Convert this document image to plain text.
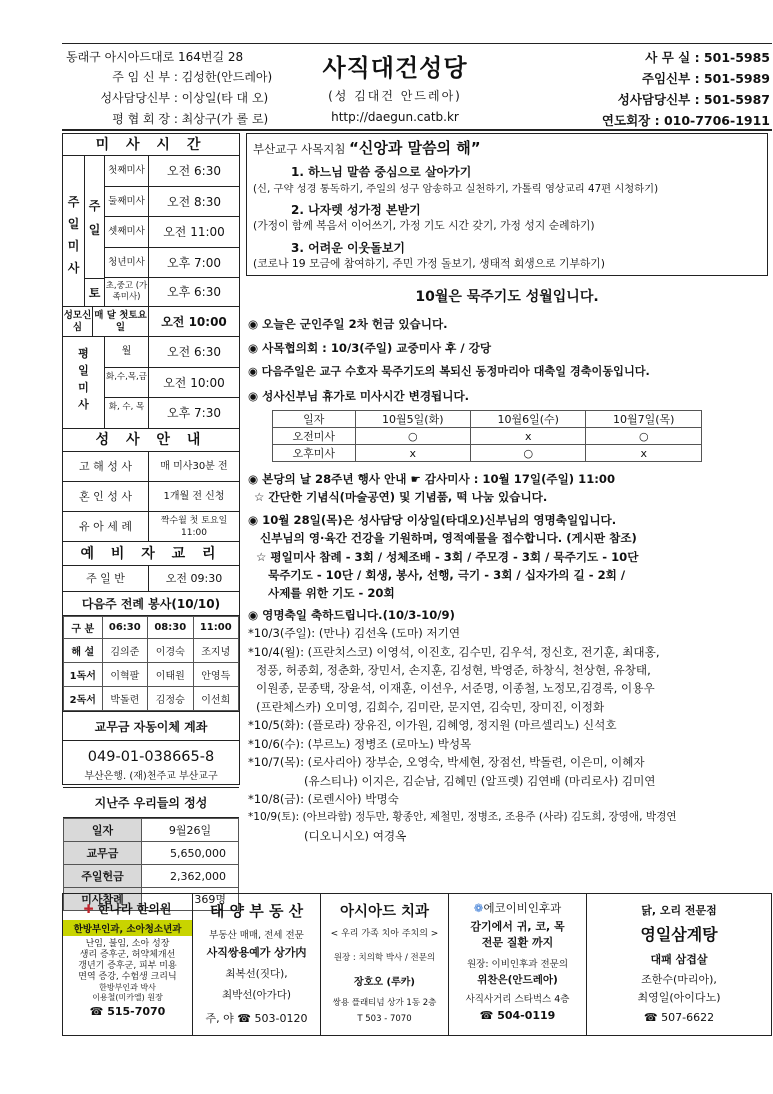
동래구 아시아드대로 164번길 28
주 임 신 부 : 김성한(안드레아)
성사담당신부 : 이상일(타 대 오)
평 협 회 장 : 최상구(가 롤 로)
사직대건성당
(성 김대건 안드레아)
http://daegun.catb.kr
사 무 실 : 501-5985
주임신부 : 501-5989
성사담당신부 : 501-5987
연도회장 : 010-7706-1911
미 사 시 간
주일미사
주일
첫째미사	오전 6:30
둘째미사	오전 8:30
셋째미사	오전 11:00
청년미사	오후 7:00
토 초,중고 (가족미사)	오후 6:30
성모신심
매 달 첫토요일	오전 10:00
평일미사
월	오전 6:30
화,수,목,금	오전 10:00
화, 수, 목	오후 7:30
성 사 안 내
고 해 성 사	매 미사30분 전
혼 인 성 사	1개월 전 신청
유 아 세 례	짝수월 첫 토요일 11:00
예 비 자 교 리
주 일 반	오전 09:30
다음주 전례 봉사(10/10)
구 분	06:30	08:30	11:00
해 설	김의준	이경숙	조지녕
1독서	이혁팔	이태원	안영득
2독서	박돌련	김정승	이선희
교무금 자동이체 계좌
049-01-038665-8
부산은행. (재)천주교 부산교구
지난주 우리들의 정성
일자	9월26일
교무금	5,650,000
주일헌금	2,362,000
미사참례	369명
부산교구 사목지침 “신앙과 말씀의 해”
1. 하느님 말씀 중심으로 살아가기
(신, 구약 성경 통독하기, 주일의 성구 암송하고 실천하기, 가톨릭 영상교리 47편 시청하기)
2. 나자렛 성가정 본받기
(가정이 함께 복음서 이어쓰기, 가정 기도 시간 갖기, 가정 성지 순례하기)
3. 어려운 이웃돌보기
(코로나 19 모금에 참여하기, 주민 가정 돌보기, 생태적 회생으로 기부하기)
10월은 묵주기도 성월입니다.
◉ 오늘은 군인주일 2차 헌금 있습니다.
◉ 사목협의회 : 10/3(주일) 교중미사 후 / 강당
◉ 다음주일은 교구 수호자 묵주기도의 복되신 동정마리아 대축일 경축이동입니다.
◉ 성사신부님 휴가로 미사시간 변경됩니다.
일자	10월5일(화)	10월6일(수)	10월7일(목)
오전미사	○	x	○
오후미사	x	○	x
◉ 본당의 날 28주년 행사 안내 ☛ 감사미사 : 10월 17일(주일) 11:00
☆ 간단한 기념식(마술공연) 및 기념품, 떡 나눔 있습니다.
◉ 10월 28일(목)은 성사담당 이상일(타대오)신부님의 영명축일입니다.
신부님의 영·육간 건강을 기원하며, 영적예물을 접수합니다. (게시판 참조)
☆ 평일미사 참례 - 3회 / 성체조배 - 3회 / 주모경 - 3회 / 묵주기도 - 10단
묵주기도 - 10단 / 회생, 봉사, 선행, 극기 - 3회 / 십자가의 길 - 2회 /
사제를 위한 기도 - 20회
◉ 영명축일 축하드립니다.(10/3-10/9)
*10/3(주일): (만나) 김선옥 (도마) 저기연
*10/4(월): (프란치스코) 이영석, 이진호, 김수민, 김우석, 정신호, 전기훈, 최대홍,
정풍, 허종회, 정춘화, 장민서, 손지훈, 김성현, 박영준, 하창식, 천상현, 유창태,
이원종, 문종택, 장윤석, 이재훈, 이선우, 서준명, 이종철, 노정모,김경록, 이용우
(프란체스카) 오미영, 김희수, 김미란, 문지연, 김숙민, 장미진, 이정화
*10/5(화): (플로라) 장유진, 이가원, 김혜영, 정지원 (마르셀리노) 신석호
*10/6(수): (부르노) 정병조 (로마노) 박성목
*10/7(목): (로사리아) 장부순, 오영숙, 박세현, 장점선, 박돌련, 이은미, 이혜자
(유스티나) 이지은, 김순남, 김혜민 (알프렛) 김연배 (마리로사) 김미연
*10/8(금): (로렌시아) 박명숙
*10/9(토): (아브라함) 정두만, 황종안, 제철민, 정병조, 조용주 (사라) 김도희, 장영애, 박경연
(디오니시오) 여경옥
✚ 한나라 한의원
한방부인과, 소아청소년과
난임, 불임, 소아 성장
생리 증후군, 허약체개선
갱년기 증후군, 피부 미용
면역 증강, 수험생 크리닉
한방부인과 박사
이용철(미카엘) 원장
☎ 515-7070
태 양 부 동 산
부동산 매매, 전세 전문
사직쌍용예가 상가内
최복선(짓다),
최박선(아가다)
주, 야 ☎ 503-0120
아시아드 치과
< 우리 가족 치아 주치의 >
원장 : 치의학 박사 / 전문의
장호오 (루카)
쌍용 플래티넘 상가 1동 2층
T 503 - 7070
❁에코이비인후과
감기에서 귀, 코, 목
전문 질환 까지
원장: 이비인후과 전문의
위찬은(안드레아)
사직사거리 스타벅스 4층
☎ 504-0119
닭, 오리 전문점
영일삼계탕
대패 삼겹살
조한수(마리아),
최영일(아이다노)
☎ 507-6622
